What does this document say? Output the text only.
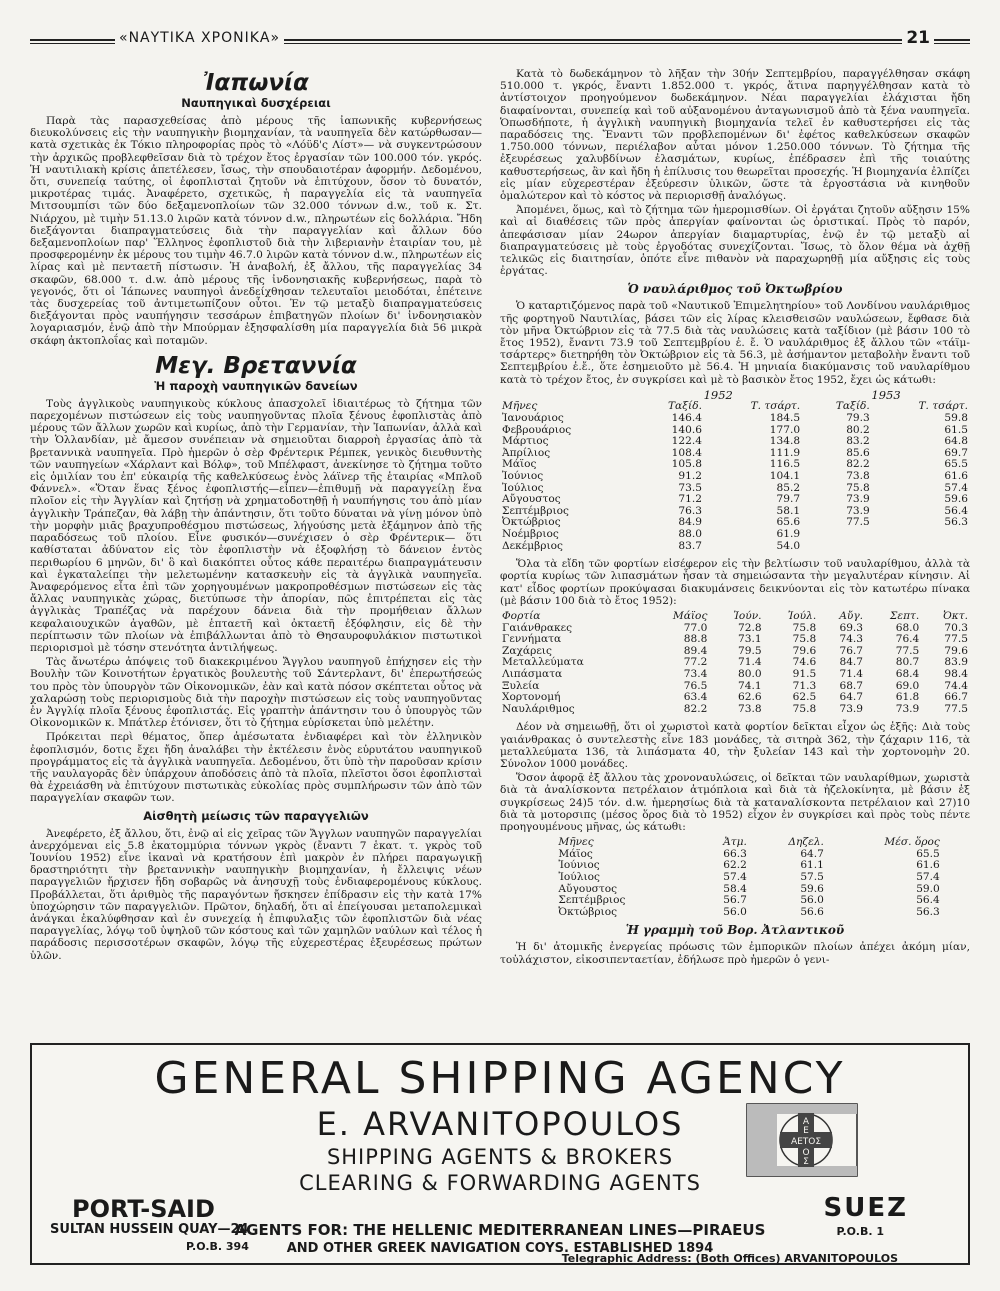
«ΝΑΥΤΙΚΑ ΧΡΟΝΙΚΑ»	21
Ἰαπωνία
Ναυπηγικαὶ δυσχέρειαι

Παρὰ τὰς παρασχεθείσας ἀπὸ μέρους τῆς ἰαπωνικῆς κυβερνήσεως διευκολύνσεις εἰς τὴν ναυπηγικὴν βιομηχανίαν, τὰ ναυπηγεῖα δὲν κατώρθωσαν—κατὰ σχετικὰς ἐκ Τόκιο πληροφορίας πρὸς τὸ «Λόϋδ'ς Λίστ»— νὰ συγκεντρώσουν τὴν ἀρχικῶς προβλεφθεῖσαν διὰ τὸ τρέχον ἔτος ἐργασίαν τῶν 100.000 τόν. γκρός. Ἡ ναυτιλιακὴ κρίσις ἀπετέλεσεν, ἴσως, τὴν σπουδαιοτέραν ἀφορμήν. Δεδομένου, ὅτι, συνεπείᾳ ταύτης, οἱ ἐφοπλισταὶ ζητοῦν νὰ ἐπιτύχουν, ὅσον τὸ δυνατόν, μικροτέρας τιμάς. Ἀναφέρετο, σχετικῶς, ἡ παραγγελία εἰς τὰ ναυπηγεῖα Μιτσουμπίσι τῶν δύο δεξαμενοπλοίων τῶν 32.000 τόννων d.w., τοῦ κ. Στ. Νιάρχου, μὲ τιμὴν 51.13.0 λιρῶν κατὰ τόννον d.w., πληρωτέων εἰς δολλάρια. Ἤδη διεξάγονται διαπραγματεύσεις διὰ τὴν παραγγελίαν καὶ ἄλλων δύο δεξαμενοπλοίων παρ' Ἕλληνος ἐφοπλιστοῦ διὰ τὴν λιβεριανὴν ἑταιρίαν του, μὲ προσφερομένην ἐκ μέρους του τιμὴν 46.7.0 λιρῶν κατὰ τόννον d.w., πληρωτέων εἰς λίρας καὶ μὲ πενταετῆ πίστωσιν. Ἡ ἀναβολή, ἐξ ἄλλου, τῆς παραγγελίας 34 σκαφῶν, 68.000 τ. d.w. ἀπὸ μέρους τῆς ἰνδονησιακῆς κυβερνήσεως, παρὰ τὸ γεγονός, ὅτι οἱ Ἰάπωνες ναυπηγοὶ ἀνεδείχθησαν τελευταῖοι μειοδόται, ἐπέτεινε τὰς δυσχερείας τοῦ ἀντιμετωπίζουν οὗτοι. Ἐν τῷ μεταξὺ διαπραγματεύσεις διεξάγονται πρὸς ναυπήγησιν τεσσάρων ἐπιβατηγῶν πλοίων δι' ἰνδονησιακὸν λογαριασμόν, ἐνῷ ἀπὸ τὴν Μπούρμαν ἐξησφαλίσθη μία παραγγελία διὰ 56 μικρὰ σκάφη ἀκτοπλοΐας καὶ ποταμῶν.

Μεγ. Βρεταννία
Ἡ παροχὴ ναυπηγικῶν δανείων

Τοὺς ἀγγλικοὺς ναυπηγικοὺς κύκλους ἀπασχολεῖ ἰδιαιτέρως τὸ ζήτημα τῶν παρεχομένων πιστώσεων εἰς τοὺς ναυπηγοῦντας πλοῖα ξένους ἐφοπλιστὰς ἀπὸ μέρους τῶν ἄλλων χωρῶν καὶ κυρίως, ἀπὸ τὴν Γερμανίαν, τὴν Ἰαπωνίαν, ἀλλὰ καὶ τὴν Ὁλλανδίαν, μὲ ἄμεσον συνέπειαν νὰ σημειοῦται διαρροὴ ἐργασίας ἀπὸ τὰ βρεταννικὰ ναυπηγεῖα. Πρὸ ἡμερῶν ὁ σὲρ Φρέντερικ Ρέμπεκ, γενικὸς διευθυντὴς τῶν ναυπηγείων «Χάρλαντ καὶ Βόλφ», τοῦ Μπέλφαστ, ἀνεκίνησε τὸ ζήτημα τοῦτο εἰς ὁμιλίαν του ἐπ' εὐκαιρίᾳ τῆς καθελκύσεως ἑνὸς λάϊνερ τῆς ἑταιρίας «Μπλοῦ Φάννελ». «Ὅταν ἕνας ξένος ἐφοπλιστής—εἶπεν—ἐπιθυμῇ νὰ παραγγείλῃ ἕνα πλοῖον εἰς τὴν Ἀγγλίαν καὶ ζητήσῃ νὰ χρηματοδοτηθῇ ἡ ναυπήγησις του ἀπὸ μίαν ἀγγλικὴν Τράπεζαν, θὰ λάβῃ τὴν ἀπάντησιν, ὅτι τοῦτο δύναται νὰ γίνῃ μόνον ὑπὸ τὴν μορφὴν μιᾶς βραχυπροθέσμου πιστώσεως, λήγούσης μετὰ ἑξάμηνον ἀπὸ τῆς παραδόσεως τοῦ πλοίου. Εἶνε φυσικόν—συνέχισεν ὁ σὲρ Φρέντερικ— ὅτι καθίσταται ἀδύνατον εἰς τὸν ἐφοπλιστὴν νὰ ἐξοφλήσῃ τὸ δάνειον ἐντὸς περιθωρίου 6 μηνῶν, δι' ὃ καὶ διακόπτει οὗτος κάθε περαιτέρω διαπραγμάτευσιν καὶ ἐγκαταλείπει τὴν μελετωμένην κατασκευὴν εἰς τὰ ἀγγλικὰ ναυπηγεῖα. Ἀναφερόμενος εἶτα ἐπὶ τῶν χορηγουμένων μακροπροθέσμων πιστώσεων εἰς τὰς ἄλλας ναυπηγικὰς χώρας, διετύπωσε τὴν ἀπορίαν, πῶς ἐπιτρέπεται εἰς τὰς ἀγγλικὰς Τραπέζας νὰ παρέχουν δάνεια διὰ τὴν προμήθειαν ἄλλων κεφαλαιουχικῶν ἀγαθῶν, μὲ ἑπταετῆ καὶ ὀκταετῆ ἐξόφλησιν, εἰς δὲ τὴν περίπτωσιν τῶν πλοίων νὰ ἐπιβάλλωνται ἀπὸ τὸ Θησαυροφυλάκιον πιστωτικοὶ περιορισμοὶ μὲ τόσην στενότητα ἀντιλήψεως.

Τὰς ἄνωτέρω ἀπόψεις τοῦ διακεκριμένου Ἄγγλου ναυπηγοῦ ἐπήχησεν εἰς τὴν Βουλὴν τῶν Κοινοτήτων ἐργατικὸς βουλευτὴς τοῦ Σάντερλαντ, δι' ἐπερωτήσεώς του πρὸς τὸν ὑπουργὸν τῶν Οἰκονομικῶν, ἐὰν καὶ κατὰ πόσον σκέπτεται οὗτος νὰ χαλαρώσῃ τοὺς περιορισμοὺς διὰ τὴν παροχὴν πιστώσεων εἰς τοὺς ναυπηγοῦντας ἐν Ἀγγλίᾳ πλοῖα ξένους ἐφοπλιστάς. Εἰς γραπτὴν ἀπάντησιν του ὁ ὑπουργὸς τῶν Οἰκονομικῶν κ. Μπάτλερ ἐτόνισεν, ὅτι τὸ ζήτημα εὑρίσκεται ὑπὸ μελέτην.

Πρόκειται περὶ θέματος, ὅπερ ἀμέσωτατα ἐνδιαφέρει καὶ τὸν ἑλληνικὸν ἐφοπλισμόν, δοτις ἔχει ἤδη ἀναλάβει τὴν ἐκτέλεσιν ἑνὸς εὐρυτάτου ναυπηγικοῦ προγράμματος εἰς τὰ ἀγγλικὰ ναυπηγεῖα. Δεδομένου, ὅτι ὑπὸ τὴν παροῦσαν κρίσιν τῆς ναυλαγορᾶς δὲν ὑπάρχουν ἀποδόσεις ἀπὸ τὰ πλοῖα, πλεῖστοι ὅσοι ἐφοπλισταὶ θὰ ἐχρειάσθη νὰ ἐπιτύχουν πιστωτικὰς εὐκολίας πρὸς συμπλήρωσιν τῶν ἀπὸ τῶν παραγγελίαν σκαφῶν των.

Αἰσθητὴ μείωσις τῶν παραγγελιῶν

Ἀνεφέρετο, ἐξ ἄλλου, ὅτι, ἐνῷ αἱ εἰς χεῖρας τῶν Ἄγγλων ναυπηγῶν παραγγελίαι ἀνερχόμεναι εἰς 5.8 ἑκατομμύρια τόννων γκρὸς (ἔναντι 7 ἑκατ. τ. γκρὸς τοῦ Ἰουνίου 1952) εἶνε ἱκαναὶ νὰ κρατήσουν ἐπὶ μακρὸν ἐν πλήρει παραγωγικῇ δραστηριότητι τὴν βρεταννικὴν ναυπηγικὴν βιομηχανίαν, ἡ ἔλλειψις νέων παραγγελιῶν ἤρχισεν ἤδη σοβαρῶς νὰ ἀνησυχῇ τοὺς ἐνδιαφερομένους κύκλους. Προβάλλεται, ὅτι ἀριθμὸς τῆς παραγόντων ἤσκησεν ἐπίδρασιν εἰς τὴν κατὰ 17% ὑποχώρησιν τῶν παραγγελιῶν. Πρῶτον, δηλαδή, ὅτι αἱ ἐπείγουσαι μεταπολεμικαὶ ἀνάγκαι ἐκαλύφθησαν καὶ ἐν συνεχείᾳ ἡ ἐπιφυλαξις τῶν ἐφοπλιστῶν διὰ νέας παραγγελίας, λόγῳ τοῦ ὑψηλοῦ τῶν κόστους καὶ τῶν χαμηλῶν ναύλων καὶ τέλος ἡ παράδοσις περισσοτέρων σκαφῶν, λόγῳ τῆς εὐχερεστέρας ἐξευρέσεως πρώτων ὑλῶν.

Κατὰ τὸ δωδεκάμηνον τὸ λῆξαν τὴν 30ήν Σεπτεμβρίου, παραγγέλθησαν σκάφη 510.000 τ. γκρός, ἔναντι 1.852.000 τ. γκρός, ἅτινα παρηγγέλθησαν κατὰ τὸ ἀντίστοιχον προηγούμενον δωδεκάμηνον. Νέαι παραγγελίαι ἐλάχισται ἤδη διαφαίνονται, συνεπείᾳ καὶ τοῦ αὐξανομένου ἀνταγωνισμοῦ ἀπὸ τὰ ξένα ναυπηγεῖα. Ὁπωσδήποτε, ἡ ἀγγλικὴ ναυπηγικὴ βιομηχανία τελεῖ ἐν καθυστερήσει εἰς τὰς παραδόσεις της. Ἔναντι τῶν προβλεπομένων δι' ἐφέτος καθελκύσεων σκαφῶν 1.750.000 τόννων, περιέλαβον αὗται μόνον 1.250.000 τόννων. Τὸ ζήτημα τῆς ἐξευρέσεως χαλυβδίνων ἐλασμάτων, κυρίως, ἐπέδρασεν ἐπὶ τῆς τοιαύτης καθυστερήσεως, ἂν καὶ ἤδη ἡ ἐπίλυσις του θεωρεῖται προσεχής. Ἡ βιομηχανία ἐλπίζει εἰς μίαν εὐχερεστέραν ἐξεύρεσιν ὑλικῶν, ὥστε τὰ ἐργοστάσια νὰ κινηθοῦν ὁμαλώτερον καὶ τὸ κόστος νὰ περιορισθῇ ἀναλόγως.

Ἀπομένει, ὅμως, καὶ τὸ ζήτημα τῶν ἡμερομισθίων. Οἱ ἐργάται ζητοῦν αὔξησιν 15% καὶ αἱ διαθέσεις τῶν πρὸς ἀπεργίαν φαίνονται ὡς ὁριστικαί. Πρὸς τὸ παρόν, ἀπεφάσισαν μίαν 24ωρον ἀπεργίαν διαμαρτυρίας, ἐνῷ ἐν τῷ μεταξὺ αἱ διαπραγματεύσεις μὲ τοὺς ἐργοδότας συνεχίζονται. Ἴσως, τὸ ὅλον θέμα νὰ ἀχθῇ τελικῶς εἰς διαιτησίαν, ὁπότε εἶνε πιθανὸν νὰ παραχωρηθῇ μία αὔξησις εἰς τοὺς ἐργάτας.

Ὁ ναυλάριθμος τοῦ Ὀκτωβρίου

Ὁ καταρτιζόμενος παρὰ τοῦ «Ναυτικοῦ Ἐπιμελητηρίου» τοῦ Λονδίνου ναυλάριθμος τῆς φορτηγοῦ Ναυτιλίας, βάσει τῶν εἰς λίρας κλεισθεισῶν ναυλώσεων, ἔφθασε διὰ τὸν μῆνα Ὀκτώβριον εἰς τὰ 77.5 διὰ τὰς ναυλώσεις κατὰ ταξίδιον (μὲ βάσιν 100 τὸ ἔτος 1952), ἔναντι 73.9 τοῦ Σεπτεμβρίου ἐ. ἔ. Ὁ ναυλάριθμος ἐξ ἄλλου τῶν «τάϊμ-τσάρτερς» διετηρήθη τὸν Ὀκτώβριον εἰς τὰ 56.3, μὲ ἀσήμαντον μεταβολὴν ἔναντι τοῦ Σεπτεμβρίου ἐ.ἔ., ὅτε ἐσημειοῦτο μὲ 56.4. Ἡ μηνιαία διακύμανσις τοῦ ναυλαρίθμου κατὰ τὸ τρέχον ἔτος, ἐν συγκρίσει καὶ μὲ τὸ βασικὸν ἔτος 1952, ἔχει ὡς κάτωθι:

	1952		1953	
Μῆνες	Ταξίδ.	Τ. τσάρτ.	Ταξίδ.	Τ. τσάρτ.
Ἰανουάριος	146.4	184.5	79.3	59.8
Φεβρουάριος	140.6	177.0	80.2	61.5
Μάρτιος	122.4	134.8	83.2	64.8
Ἀπρίλιος	108.4	111.9	85.6	69.7
Μάϊος	105.8	116.5	82.2	65.5
Ἰούνιος	91.2	104.1	73.8	61.6
Ἰούλιος	73.5	85.2	75.8	57.4
Αὔγουστος	71.2	79.7	73.9	59.6
Σεπτέμβριος	76.3	58.1	73.9	56.4
Ὀκτώβριος	84.9	65.6	77.5	56.3
Νοέμβριος	88.0	61.9		
Δεκέμβριος	83.7	54.0		

Ὅλα τὰ εἴδη τῶν φορτίων εἰσέφερον εἰς τὴν βελτίωσιν τοῦ ναυλαρίθμου, ἀλλὰ τὰ φορτία κυρίως τῶν λιπασμάτων ἦσαν τὰ σημειώσαντα τὴν μεγαλυτέραν κίνησιν. Αἱ κατ' εἶδος φορτίων προκύψασαι διακυμάνσεις δεικνύονται εἰς τὸν κατωτέρω πίνακα (μὲ βάσιν 100 διὰ τὸ ἔτος 1952):

Φορτία	Μάϊος	Ἰούν.	Ἰούλ.	Αὔγ.	Σεπτ.	Ὀκτ.
Γαιάνθρακες	77.0	72.8	75.8	69.3	68.0	70.3
Γεννήματα	88.8	73.1	75.8	74.3	76.4	77.5
Ζαχάρεις	89.4	79.5	79.6	76.7	77.5	79.6
Μεταλλεύματα	77.2	71.4	74.6	84.7	80.7	83.9
Λιπάσματα	73.4	80.0	91.5	71.4	68.4	98.4
Ξυλεία	76.5	74.1	71.3	68.7	69.0	74.4
Χορτονομή	63.4	62.6	62.5	64.7	61.8	66.7
Ναυλάριθμος	82.2	73.8	75.8	73.9	73.9	77.5

Δέον νὰ σημειωθῇ, ὅτι οἱ χωριστοὶ κατὰ φορτίον δεῖκται εἶχον ὡς ἑξῆς: Διὰ τοὺς γαιάνθρακας ὁ συντελεστὴς εἶνε 183 μονάδες, τὰ σιτηρὰ 362, τὴν ζάχαριν 116, τὰ μεταλλεύματα 136, τὰ λιπάσματα 40, τὴν ξυλείαν 143 καὶ τὴν χορτονομὴν 20. Σύνολον 1000 μονάδες.

Ὅσον ἀφορᾷ ἐξ ἄλλου τὰς χρονοναυλώσεις, οἱ δεῖκται τῶν ναυλαρίθμων, χωριστὰ διὰ τὰ ἀναλίσκοντα πετρέλαιον ἀτμόπλοια καὶ διὰ τὰ ἠζελοκίνητα, μὲ βάσιν ἐξ συγκρίσεως 24)5 τόν. d.w. ἡμερησίως διὰ τὰ καταναλίσκοντα πετρέλαιον καὶ 27)10 διὰ τὰ μοτορσιπς (μέσος ὅρος διὰ τὸ 1952) εἶχον ἐν συγκρίσει καὶ πρὸς τοὺς πέντε προηγουμένους μῆνας, ὡς κάτωθι:

Μῆνες	Ἀτμ.	Δηζελ.	Μέσ. ὅρος
Μάϊος	66.3	64.7	65.5
Ἰούνιος	62.2	61.1	61.6
Ἰούλιος	57.4	57.5	57.4
Αὔγουστος	58.4	59.6	59.0
Σεπτέμβριος	56.7	56.0	56.4
Ὀκτώβριος	56.0	56.6	56.3
Ἡ γραμμὴ τοῦ Βορ. Ἀτλαντικοῦ

Ἡ δι' ἀτομικῆς ἐνεργείας πρόωσις τῶν ἐμπορικῶν πλοίων ἀπέχει ἀκόμη μίαν, τοὐλάχιστον, εἰκοσιπενταετίαν, ἐδήλωσε πρὸ ἡμερῶν ὁ γενι-

GENERAL SHIPPING AGENCY
E. ARVANITOPOULOS
SHIPPING AGENTS & BROKERS
CLEARING & FORWARDING AGENTS
Α
Ε
ΑΕΤΟΣ
Ο
Σ
PORT-SAID
SULTAN HUSSEIN QUAY—24
P.O.B. 394
SUEZ
P.O.B. 1
AGENTS FOR: THE HELLENIC MEDITERRANEAN LINES—PIRAEUS
AND OTHER GREEK NAVIGATION COYS. ESTABLISHED 1894
Telegraphic Address: (Both Offices) ARVANITOPOULOS
